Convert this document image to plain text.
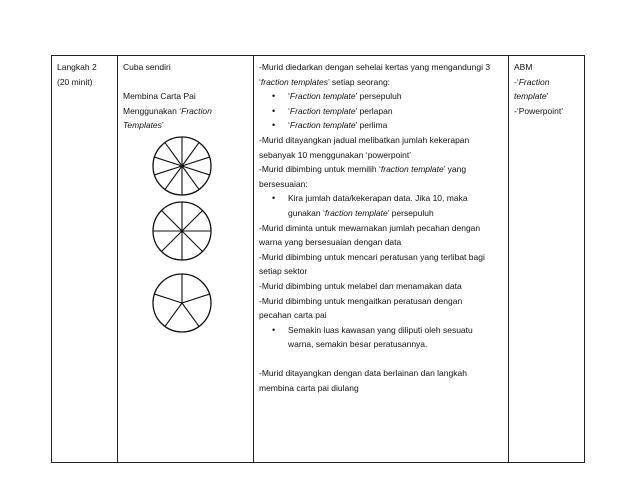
Langkah 2

(20 minit)

Cuba sendiri

Membina Carta Pai

Menggunakan ‘Fraction

Templates’

-Murid diedarkan dengan sehelai kertas yang mengandungi 3

‘fraction templates’ setiap seorang:

• ‘Fraction template’ persepuluh
• ‘Fraction template’ perlapan
• ‘Fraction template’ perlima

-Murid ditayangkan jadual melibatkan jumlah kekerapan

sebanyak 10 menggunakan ‘powerpoint’

-Murid dibimbing untuk memilih ‘fraction template’ yang

bersesuaian:

• Kira jumlah data/kekerapan data. Jika 10, maka
gunakan ‘fraction template’ persepuluh

-Murid diminta untuk mewarnakan jumlah pecahan dengan

warna yang bersesuaian dengan data

-Murid dibimbing untuk mencari peratusan yang terlibat bagi

setiap sektor

-Murid dibimbing untuk melabel dan menamakan data

-Murid dibimbing untuk mengaitkan peratusan dengan

pecahan carta pai

• Semakin luas kawasan yang diliputi oleh sesuatu
warna, semakin besar peratusannya.

-Murid ditayangkan dengan data berlainan dan langkah

membina carta pai diulang

ABM

-‘Fraction

template’

-‘Powerpoint’
